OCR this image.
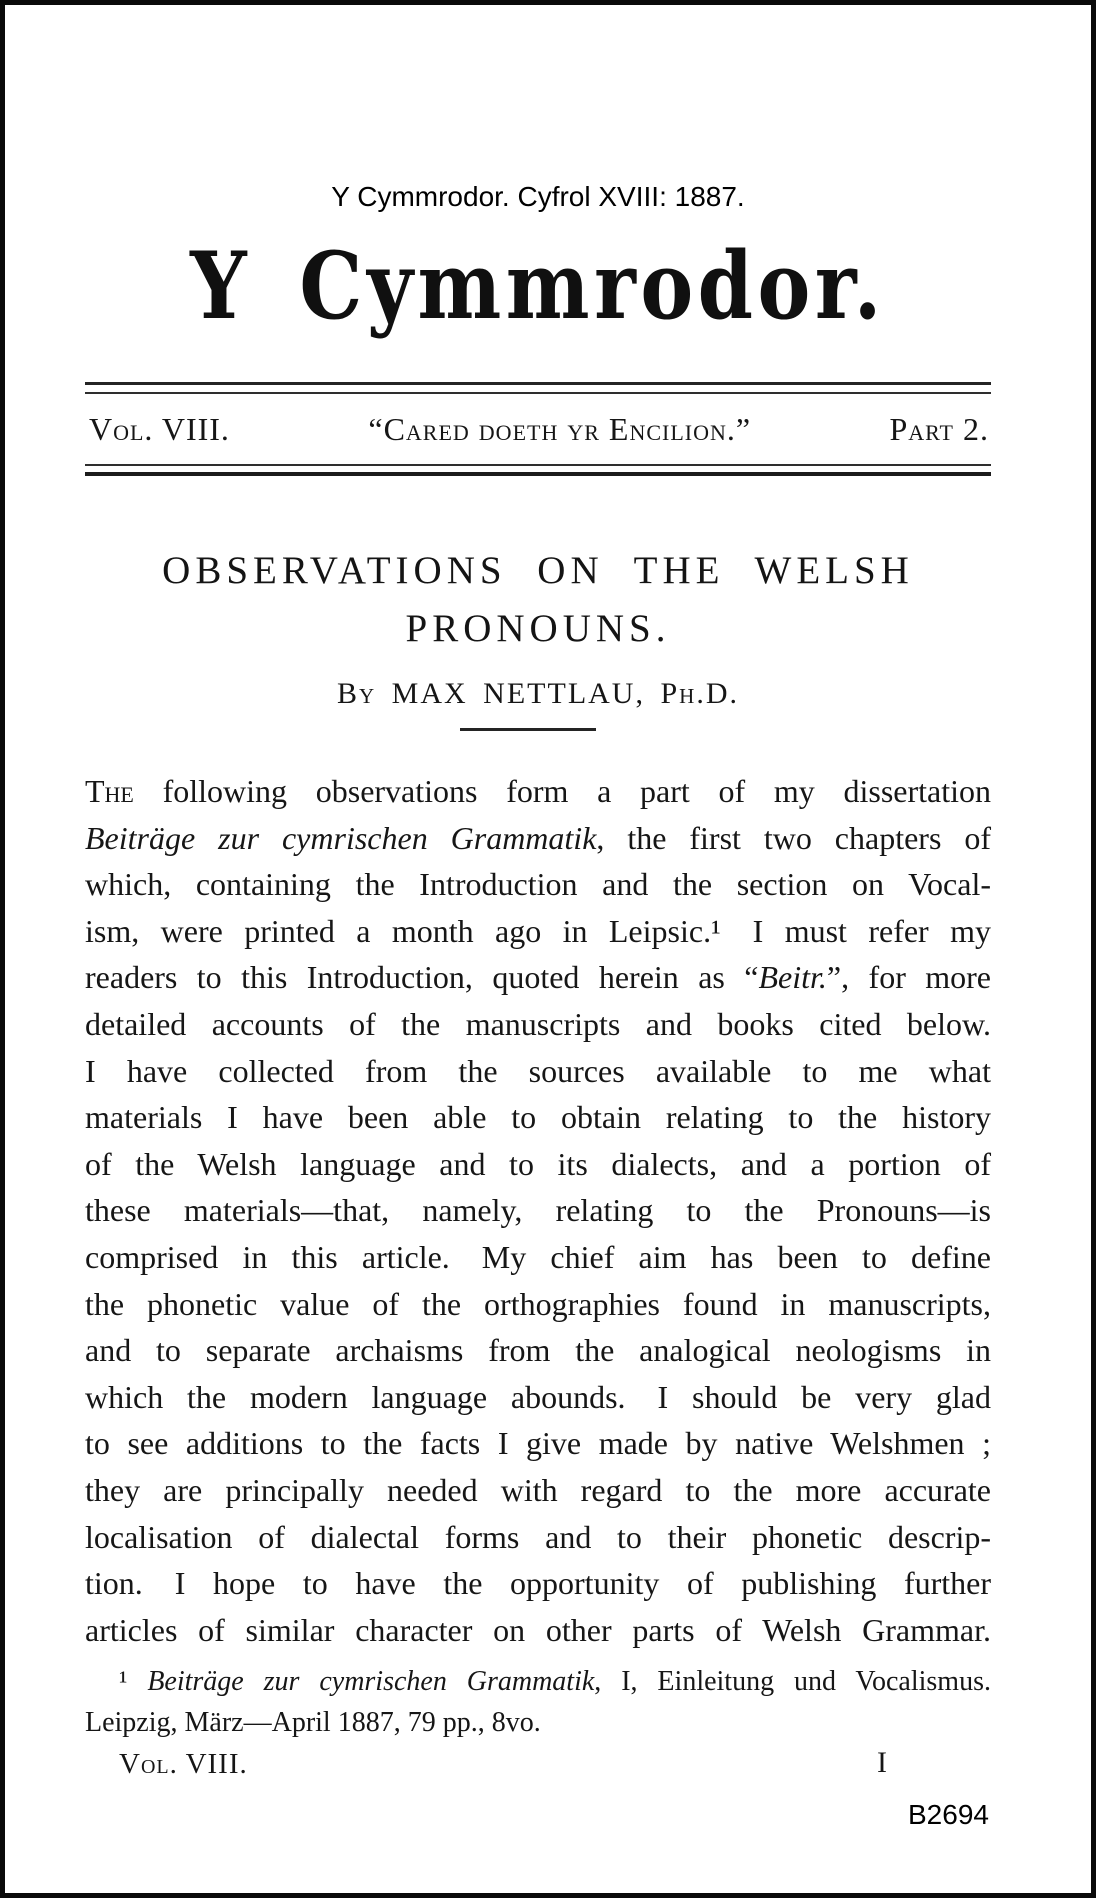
Y Cymmrodor. Cyfrol XVIII: 1887.
Y Cymmrodor.
Vol. VIII.	“Cared doeth yr Encilion.”	Part 2.
OBSERVATIONS ON THE WELSH
PRONOUNS.
By MAX NETTLAU, Ph.D.
The following observations form a part of my dissertation
Beiträge zur cymrischen Grammatik, the first two chapters of
which, containing the Introduction and the section on Vocal-
ism, were printed a month ago in Leipsic.¹ I must refer my
readers to this Introduction, quoted herein as “Beitr.”, for more
detailed accounts of the manuscripts and books cited below.
I have collected from the sources available to me what
materials I have been able to obtain relating to the history
of the Welsh language and to its dialects, and a portion of
these materials—that, namely, relating to the Pronouns—is
comprised in this article. My chief aim has been to define
the phonetic value of the orthographies found in manuscripts,
and to separate archaisms from the analogical neologisms in
which the modern language abounds. I should be very glad
to see additions to the facts I give made by native Welshmen ;
they are principally needed with regard to the more accurate
localisation of dialectal forms and to their phonetic descrip-
tion. I hope to have the opportunity of publishing further
articles of similar character on other parts of Welsh Grammar.
¹ Beiträge zur cymrischen Grammatik, I, Einleitung und Vocalismus.
Leipzig, März—April 1887, 79 pp., 8vo.
Vol. VIII.	I
B2694
